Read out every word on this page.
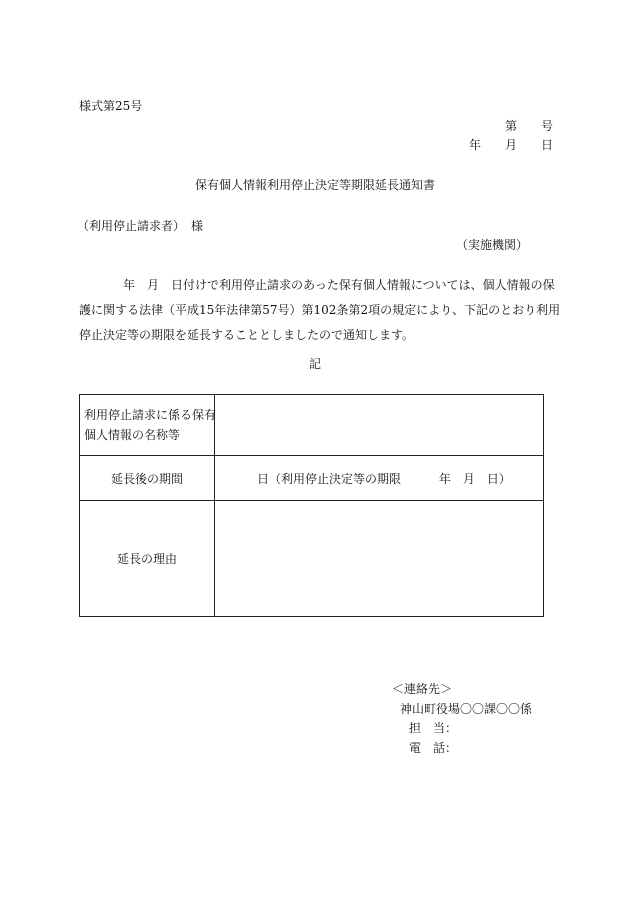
様式第25号
第　　号
年　　月　　日
保有個人情報利用停止決定等期限延長通知書
（利用停止請求者）　様
（実施機関）
年　月　日付けで利用停止請求のあった保有個人情報については、個人情報の保
護に関する法律（平成15年法律第57号）第102条第2項の規定により、下記のとおり利用
停止決定等の期限を延長することとしましたので通知します。
記
利用停止請求に係る保有
個人情報の名称等	

延長後の期間	日（利用停止決定等の期限 年　月　日）
延長の理由	
＜連絡先＞
神山町役場〇〇課〇〇係
担　当：
電　話：
